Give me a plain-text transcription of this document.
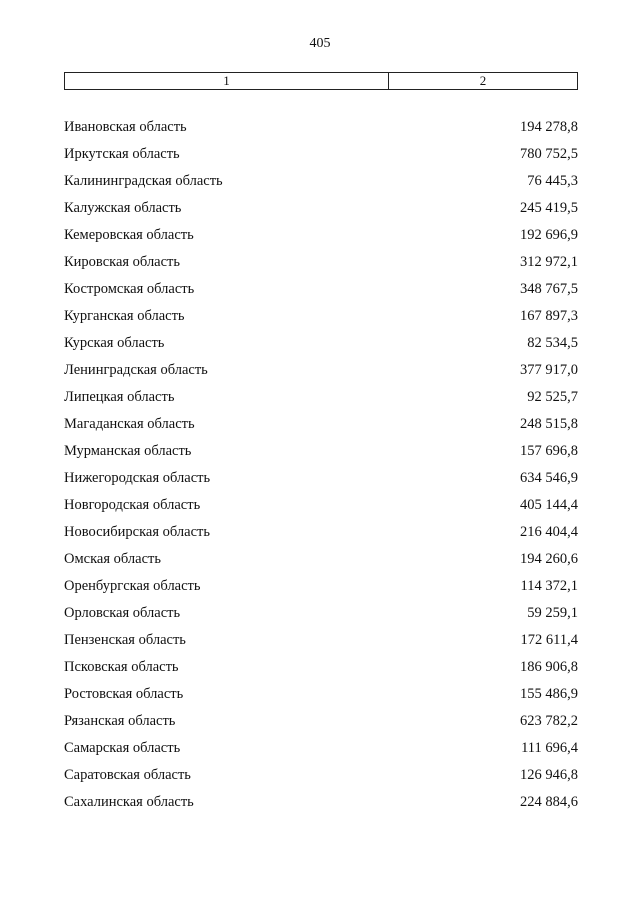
405
1	2
Ивановская область	194 278,8
Иркутская область	780 752,5
Калининградская область	76 445,3
Калужская область	245 419,5
Кемеровская область	192 696,9
Кировская область	312 972,1
Костромская область	348 767,5
Курганская область	167 897,3
Курская область	82 534,5
Ленинградская область	377 917,0
Липецкая область	92 525,7
Магаданская область	248 515,8
Мурманская область	157 696,8
Нижегородская область	634 546,9
Новгородская область	405 144,4
Новосибирская область	216 404,4
Омская область	194 260,6
Оренбургская область	114 372,1
Орловская область	59 259,1
Пензенская область	172 611,4
Псковская область	186 906,8
Ростовская область	155 486,9
Рязанская область	623 782,2
Самарская область	111 696,4
Саратовская область	126 946,8
Сахалинская область	224 884,6
